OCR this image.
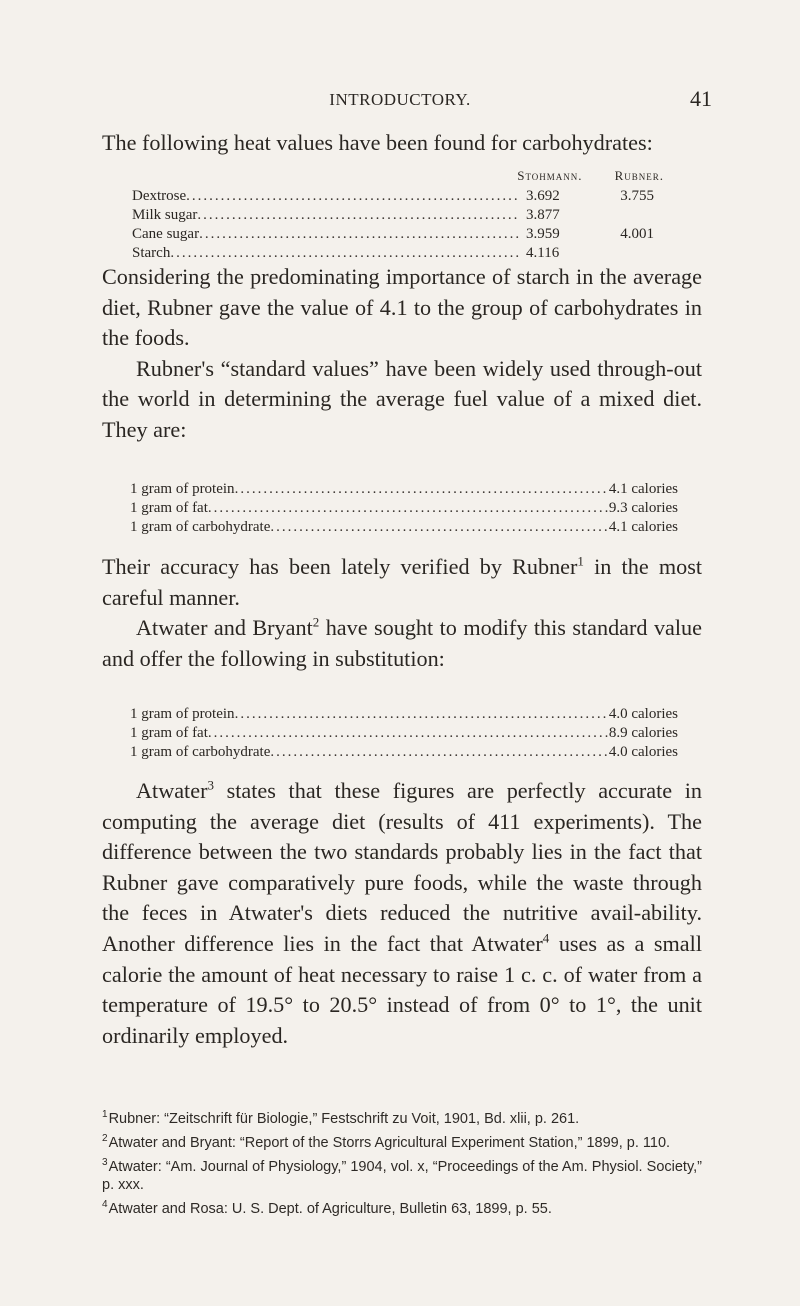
INTRODUCTORY.	41

The following heat values have been found for carbohydrates:

Stohmann. Rubner.
Dextrose .....	3.692	3.755
Milk sugar .....	3.877
Cane sugar .....	3.959	4.001
Starch .....	4.116

Considering the predominating importance of starch in the average diet, Rubner gave the value of 4.1 to the group of carbohydrates in the foods.

Rubner's “standard values” have been widely used through-out the world in determining the average fuel value of a mixed diet. They are:

1 gram of protein .....	4.1 calories
1 gram of fat .....	9.3 calories
1 gram of carbohydrate .....	4.1 calories

Their accuracy has been lately verified by Rubner$^1$ in the most careful manner.

Atwater and Bryant$^2$ have sought to modify this standard value and offer the following in substitution:

1 gram of protein .....	4.0 calories
1 gram of fat .....	8.9 calories
1 gram of carbohydrate .....	4.0 calories

Atwater$^3$ states that these figures are perfectly accurate in computing the average diet (results of 411 experiments). The difference between the two standards probably lies in the fact that Rubner gave comparatively pure foods, while the waste through the feces in Atwater's diets reduced the nutritive avail-ability. Another difference lies in the fact that Atwater$^4$ uses as a small calorie the amount of heat necessary to raise 1 c. c. of water from a temperature of 19.5° to 20.5° instead of from 0° to 1°, the unit ordinarily employed.

$^1$Rubner: “Zeitschrift für Biologie,” Festschrift zu Voit, 1901, Bd. xlii, p. 261.

$^2$Atwater and Bryant: “Report of the Storrs Agricultural Experiment Station,” 1899, p. 110.

$^3$Atwater: “Am. Journal of Physiology,” 1904, vol. x, “Proceedings of the Am. Physiol. Society,” p. xxx.

$^4$Atwater and Rosa: U. S. Dept. of Agriculture, Bulletin 63, 1899, p. 55.
